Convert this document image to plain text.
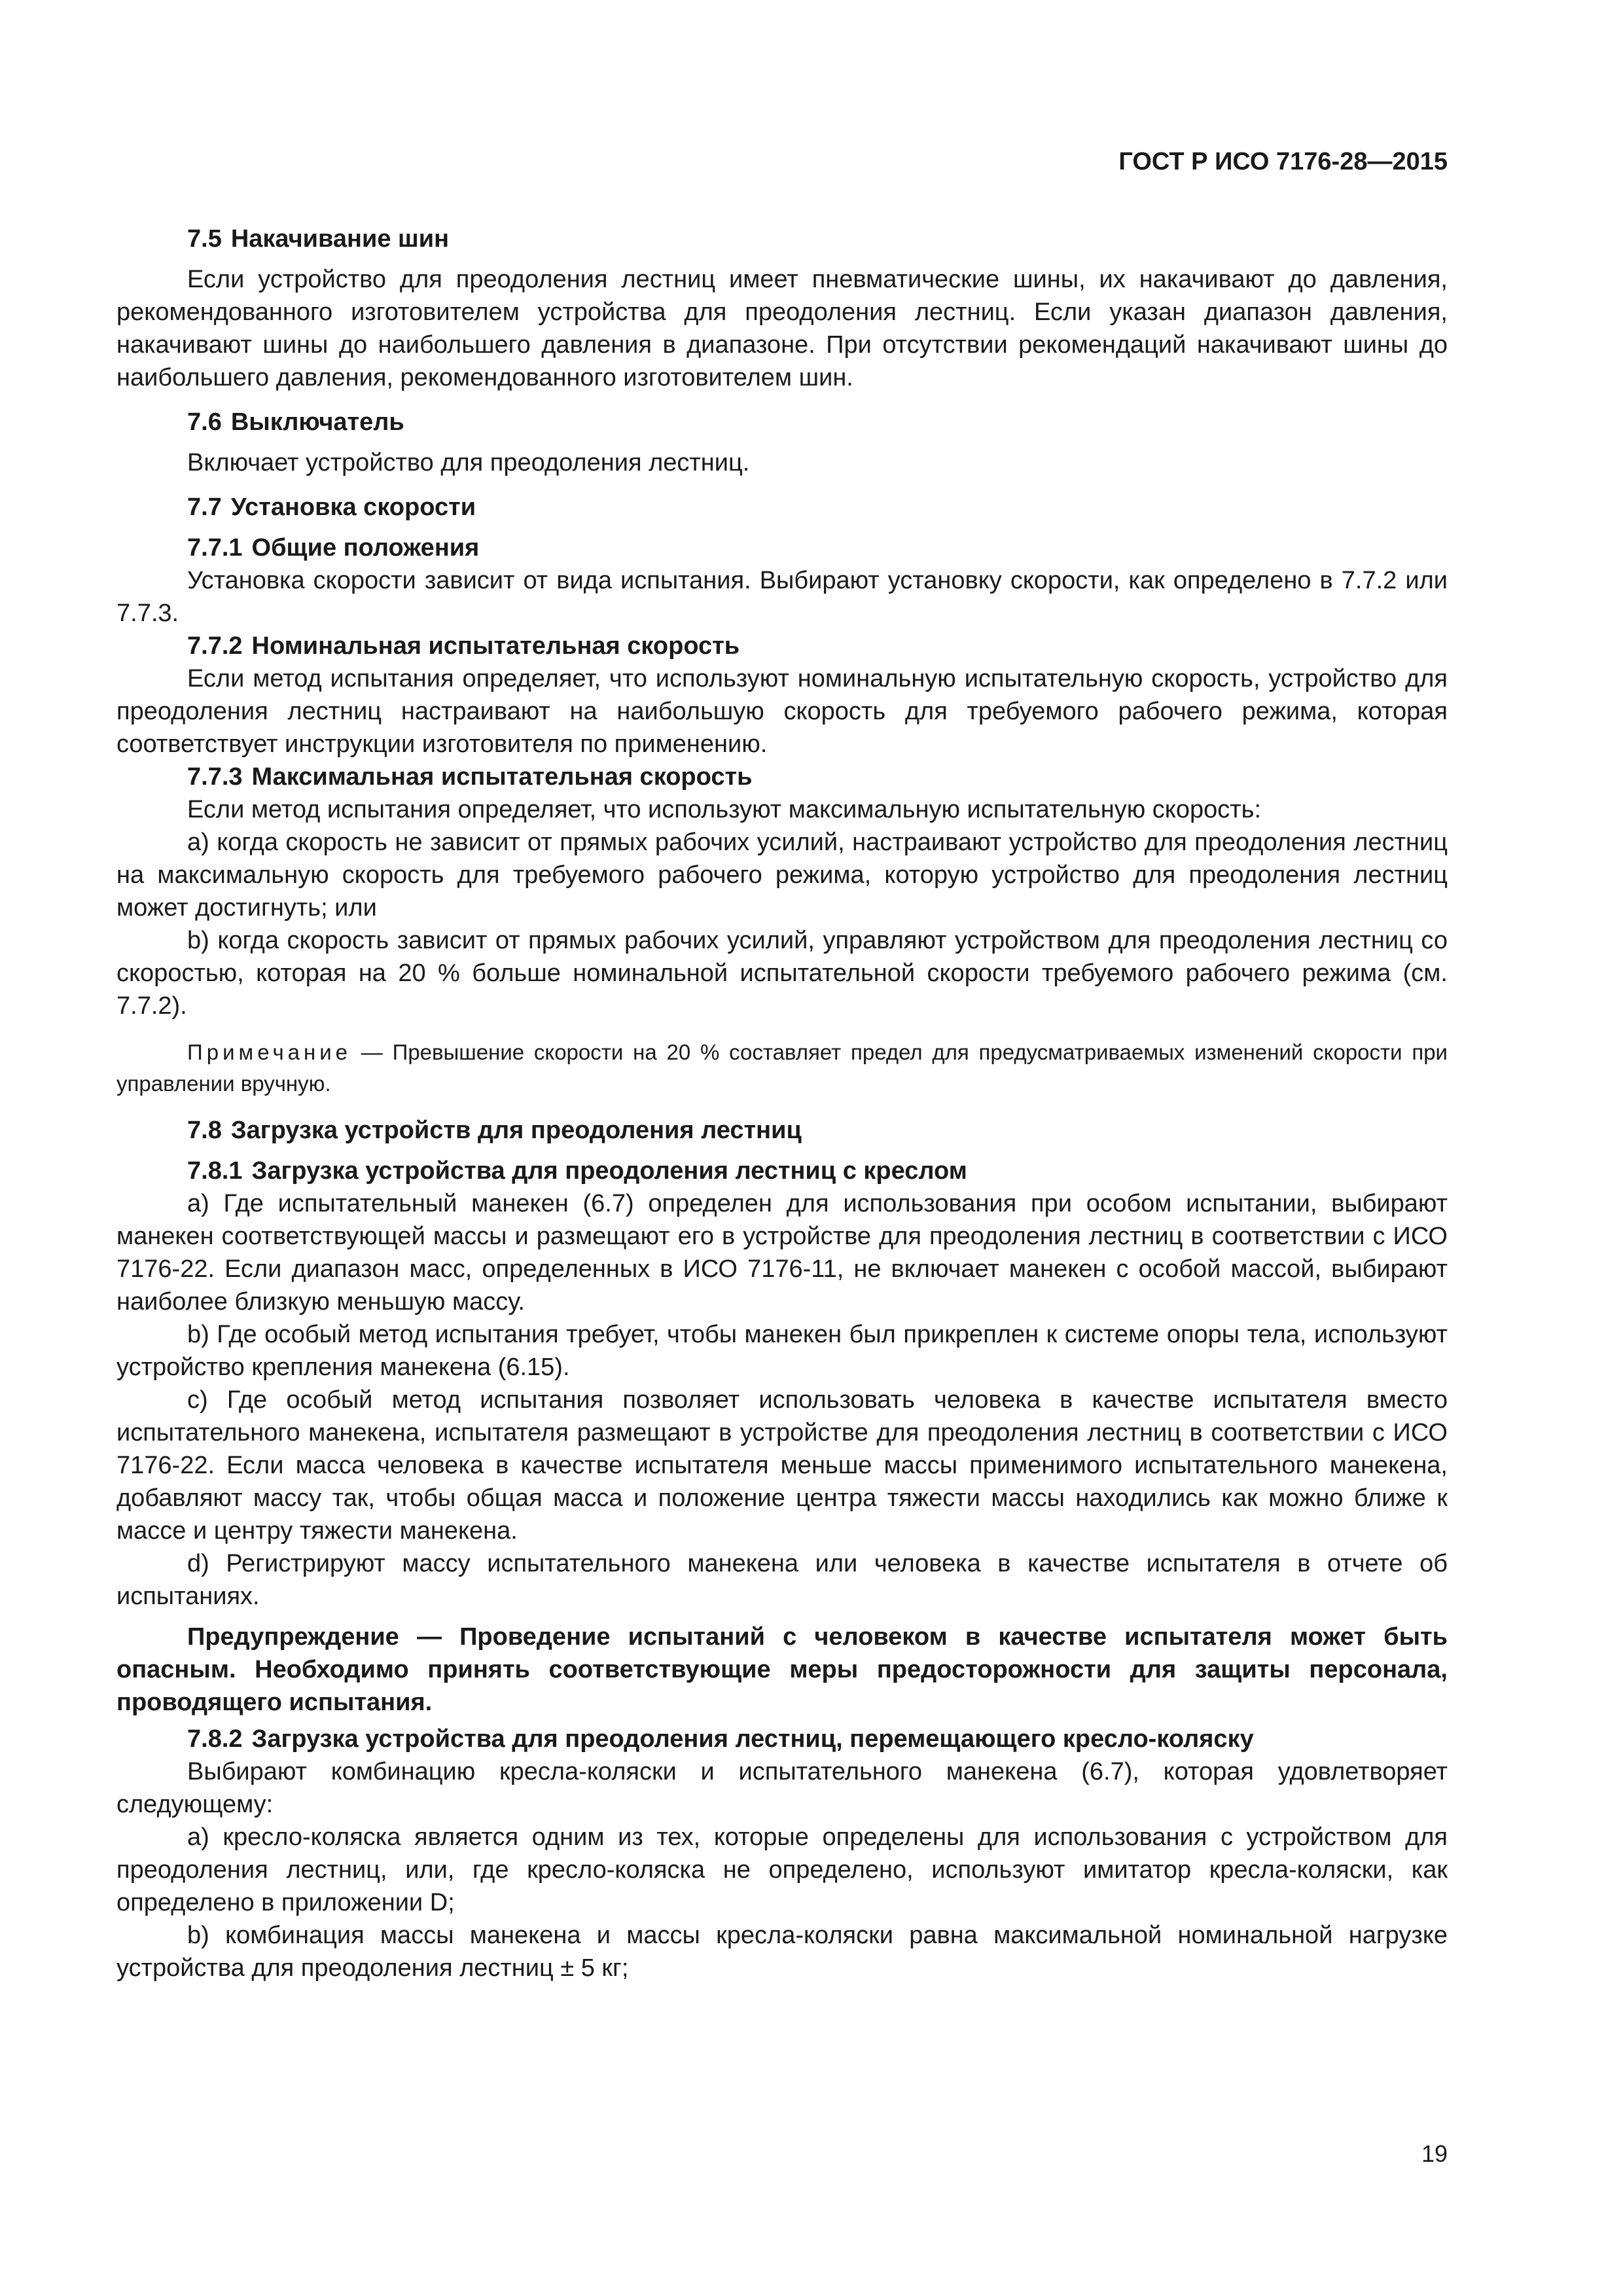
ГОСТ Р ИСО 7176-28—2015

7.5 Накачивание шин

Если устройство для преодоления лестниц имеет пневматические шины, их накачивают до давления, рекомендованного изготовителем устройства для преодоления лестниц. Если указан диапазон давления, накачивают шины до наибольшего давления в диапазоне. При отсутствии рекомендаций накачивают шины до наибольшего давления, рекомендованного изготовителем шин.

7.6 Выключатель

Включает устройство для преодоления лестниц.

7.7 Установка скорости

7.7.1 Общие положения

Установка скорости зависит от вида испытания. Выбирают установку скорости, как определено в 7.7.2 или 7.7.3.

7.7.2 Номинальная испытательная скорость

Если метод испытания определяет, что используют номинальную испытательную скорость, устройство для преодоления лестниц настраивают на наибольшую скорость для требуемого рабочего режима, которая соответствует инструкции изготовителя по применению.

7.7.3 Максимальная испытательная скорость

Если метод испытания определяет, что используют максимальную испытательную скорость:

а) когда скорость не зависит от прямых рабочих усилий, настраивают устройство для преодоления лестниц на максимальную скорость для требуемого рабочего режима, которую устройство для преодоления лестниц может достигнуть; или

b) когда скорость зависит от прямых рабочих усилий, управляют устройством для преодоления лестниц со скоростью, которая на 20 % больше номинальной испытательной скорости требуемого рабочего режима (см. 7.7.2).

Примечание — Превышение скорости на 20 % составляет предел для предусматриваемых изменений скорости при управлении вручную.

7.8 Загрузка устройств для преодоления лестниц

7.8.1 Загрузка устройства для преодоления лестниц с креслом

а) Где испытательный манекен (6.7) определен для использования при особом испытании, выбирают манекен соответствующей массы и размещают его в устройстве для преодоления лестниц в соответствии с ИСО 7176-22. Если диапазон масс, определенных в ИСО 7176-11, не включает манекен с особой массой, выбирают наиболее близкую меньшую массу.

b) Где особый метод испытания требует, чтобы манекен был прикреплен к системе опоры тела, используют устройство крепления манекена (6.15).

с) Где особый метод испытания позволяет использовать человека в качестве испытателя вместо испытательного манекена, испытателя размещают в устройстве для преодоления лестниц в соответствии с ИСО 7176-22. Если масса человека в качестве испытателя меньше массы применимого испытательного манекена, добавляют массу так, чтобы общая масса и положение центра тяжести массы находились как можно ближе к массе и центру тяжести манекена.

d) Регистрируют массу испытательного манекена или человека в качестве испытателя в отчете об испытаниях.

Предупреждение — Проведение испытаний с человеком в качестве испытателя может быть опасным. Необходимо принять соответствующие меры предосторожности для защиты персонала, проводящего испытания.

7.8.2 Загрузка устройства для преодоления лестниц, перемещающего кресло-коляску

Выбирают комбинацию кресла-коляски и испытательного манекена (6.7), которая удовлетворяет следующему:

а) кресло-коляска является одним из тех, которые определены для использования с устройством для преодоления лестниц, или, где кресло-коляска не определено, используют имитатор кресла-коляски, как определено в приложении D;

b) комбинация массы манекена и массы кресла-коляски равна максимальной номинальной нагрузке устройства для преодоления лестниц ± 5 кг;

19
